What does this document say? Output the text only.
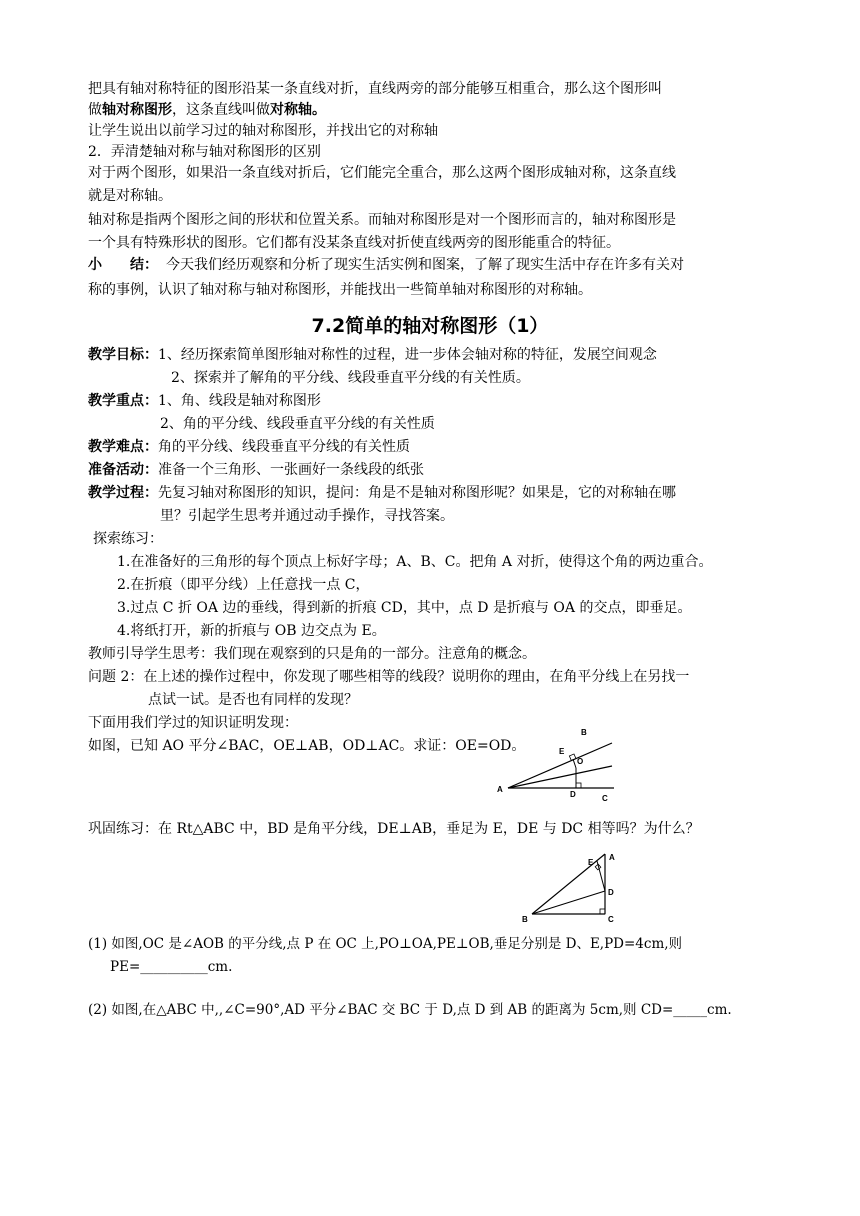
把具有轴对称特征的图形沿某一条直线对折，直线两旁的部分能够互相重合，那么这个图形叫
做轴对称图形，这条直线叫做对称轴。
让学生说出以前学习过的轴对称图形，并找出它的对称轴
2．弄清楚轴对称与轴对称图形的区别
对于两个图形，如果沿一条直线对折后，它们能完全重合，那么这两个图形成轴对称，这条直线
就是对称轴。
轴对称是指两个图形之间的形状和位置关系。而轴对称图形是对一个图形而言的，轴对称图形是
一个具有特殊形状的图形。它们都有没某条直线对折使直线两旁的图形能重合的特征。
小　　结： 今天我们经历观察和分析了现实生活实例和图案，了解了现实生活中存在许多有关对
称的事例，认识了轴对称与轴对称图形，并能找出一些简单轴对称图形的对称轴。
7.2简单的轴对称图形（1）
教学目标：1、经历探索简单图形轴对称性的过程，进一步体会轴对称的特征，发展空间观念
2、探索并了解角的平分线、线段垂直平分线的有关性质。
教学重点：1、角、线段是轴对称图形
2、角的平分线、线段垂直平分线的有关性质
教学难点：角的平分线、线段垂直平分线的有关性质
准备活动：准备一个三角形、一张画好一条线段的纸张
教学过程：先复习轴对称图形的知识，提问：角是不是轴对称图形呢？如果是，它的对称轴在哪
里？引起学生思考并通过动手操作，寻找答案。
探索练习：
1.在准备好的三角形的每个顶点上标好字母；A、B、C。把角 A 对折，使得这个角的两边重合。
2.在折痕（即平分线）上任意找一点 C，
3.过点 C 折 OA 边的垂线，得到新的折痕 CD，其中，点 D 是折痕与 OA 的交点，即垂足。
4.将纸打开，新的折痕与 OB 边交点为 E。
教师引导学生思考：我们现在观察到的只是角的一部分。注意角的概念。
问题 2：在上述的操作过程中，你发现了哪些相等的线段？说明你的理由，在角平分线上在另找一
点试一试。是否也有同样的发现？
下面用我们学过的知识证明发现：
如图，已知 AO 平分∠BAC，OE⊥AB，OD⊥AC。求证：OE=OD。
A
B
E
O
D	C
巩固练习：在 Rt△ABC 中，BD 是角平分线，DE⊥AB，垂足为 E，DE 与 DC 相等吗？为什么？
A
E
D
B	C
(1) 如图,OC 是∠AOB 的平分线,点 P 在 OC 上,PO⊥OA,PE⊥OB,垂足分别是 D、E,PD=4cm,则
PE=__________cm.
(2) 如图,在△ABC 中,,∠C=90°,AD 平分∠BAC 交 BC 于 D,点 D 到 AB 的距离为 5cm,则 CD=_____cm.
